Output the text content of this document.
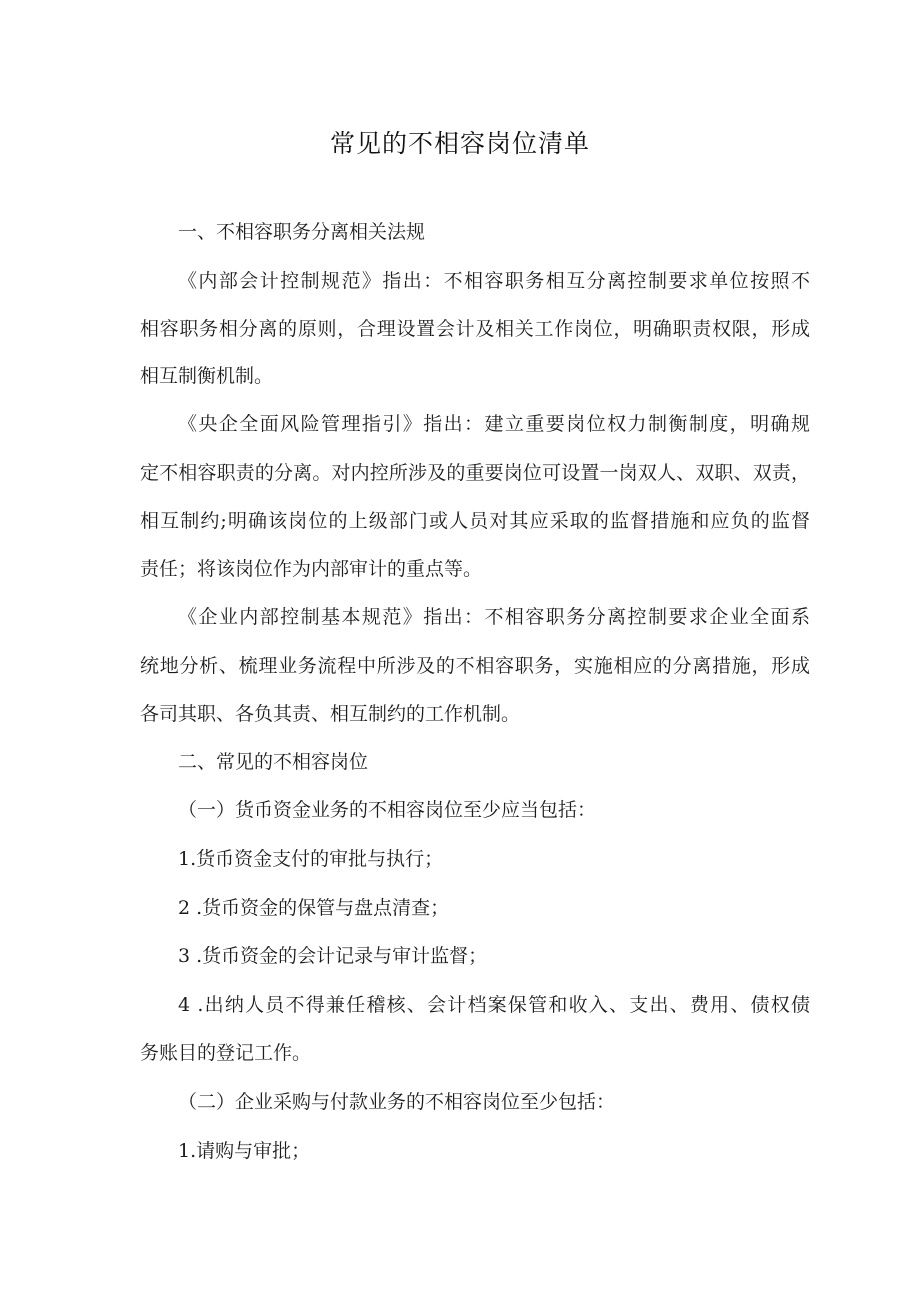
常见的不相容岗位清单
一、不相容职务分离相关法规
《内部会计控制规范》指出：不相容职务相互分离控制要求单位按照不
相容职务相分离的原则，合理设置会计及相关工作岗位，明确职责权限，形成
相互制衡机制。
《央企全面风险管理指引》指出：建立重要岗位权力制衡制度，明确规
定不相容职责的分离。对内控所涉及的重要岗位可设置一岗双人、双职、双责，
相互制约;明确该岗位的上级部门或人员对其应采取的监督措施和应负的监督
责任；将该岗位作为内部审计的重点等。
《企业内部控制基本规范》指出：不相容职务分离控制要求企业全面系
统地分析、梳理业务流程中所涉及的不相容职务，实施相应的分离措施，形成
各司其职、各负其责、相互制约的工作机制。
二、常见的不相容岗位
（一）货币资金业务的不相容岗位至少应当包括：
1.货币资金支付的审批与执行；
2 .货币资金的保管与盘点清查；
3 .货币资金的会计记录与审计监督；
4 .出纳人员不得兼任稽核、会计档案保管和收入、支出、费用、债权债
务账目的登记工作。
（二）企业采购与付款业务的不相容岗位至少包括：
1.请购与审批；
